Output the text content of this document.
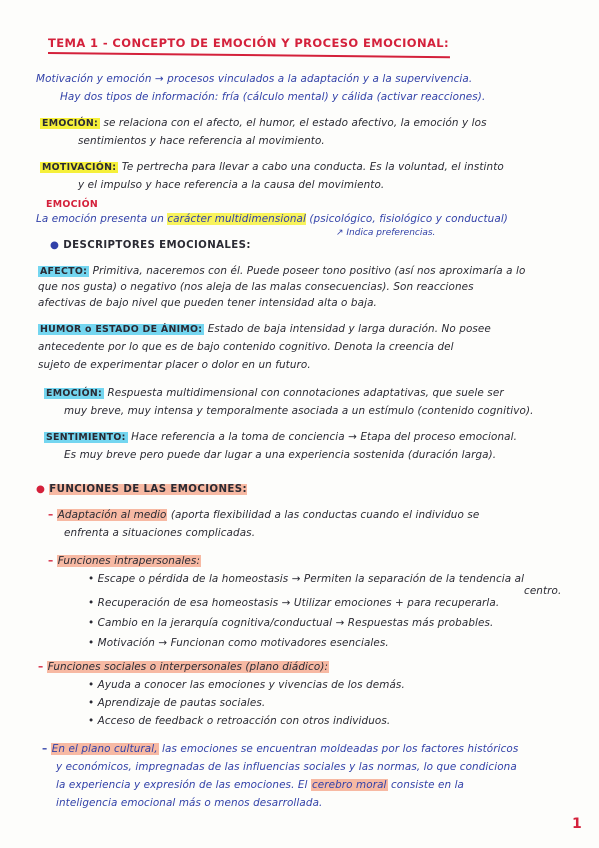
TEMA 1 - CONCEPTO DE EMOCIÓN Y PROCESO EMOCIONAL:
Motivación y emoción → procesos vinculados a la adaptación y a la supervivencia.
Hay dos tipos de información: fría (cálculo mental) y cálida (activar reacciones).
EMOCIÓN: se relaciona con el afecto, el humor, el estado afectivo, la emoción y los
sentimientos y hace referencia al movimiento.
MOTIVACIÓN: Te pertrecha para llevar a cabo una conducta. Es la voluntad, el instinto
y el impulso y hace referencia a la causa del movimiento.
EMOCIÓN
La emoción presenta un carácter multidimensional (psicológico, fisiológico y conductual)
↗ Indica preferencias.
● DESCRIPTORES EMOCIONALES:
AFECTO: Primitiva, naceremos con él. Puede poseer tono positivo (así nos aproximaría a lo
que nos gusta) o negativo (nos aleja de las malas consecuencias). Son reacciones
afectivas de bajo nivel que pueden tener intensidad alta o baja.
HUMOR o ESTADO DE ÁNIMO: Estado de baja intensidad y larga duración. No posee
antecedente por lo que es de bajo contenido cognitivo. Denota la creencia del
sujeto de experimentar placer o dolor en un futuro.
EMOCIÓN: Respuesta multidimensional con connotaciones adaptativas, que suele ser
muy breve, muy intensa y temporalmente asociada a un estímulo (contenido cognitivo).
SENTIMIENTO: Hace referencia a la toma de conciencia → Etapa del proceso emocional.
Es muy breve pero puede dar lugar a una experiencia sostenida (duración larga).
● FUNCIONES DE LAS EMOCIONES:
– Adaptación al medio (aporta flexibilidad a las conductas cuando el individuo se
enfrenta a situaciones complicadas.
– Funciones intrapersonales:
• Escape o pérdida de la homeostasis → Permiten la separación de la tendencia al
centro.
• Recuperación de esa homeostasis → Utilizar emociones + para recuperarla.
• Cambio en la jerarquía cognitiva/conductual → Respuestas más probables.
• Motivación → Funcionan como motivadores esenciales.
– Funciones sociales o interpersonales (plano diádico):
• Ayuda a conocer las emociones y vivencias de los demás.
• Aprendizaje de pautas sociales.
• Acceso de feedback o retroacción con otros individuos.
– En el plano cultural, las emociones se encuentran moldeadas por los factores históricos
y económicos, impregnadas de las influencias sociales y las normas, lo que condiciona
la experiencia y expresión de las emociones. El cerebro moral consiste en la
inteligencia emocional más o menos desarrollada.
1
